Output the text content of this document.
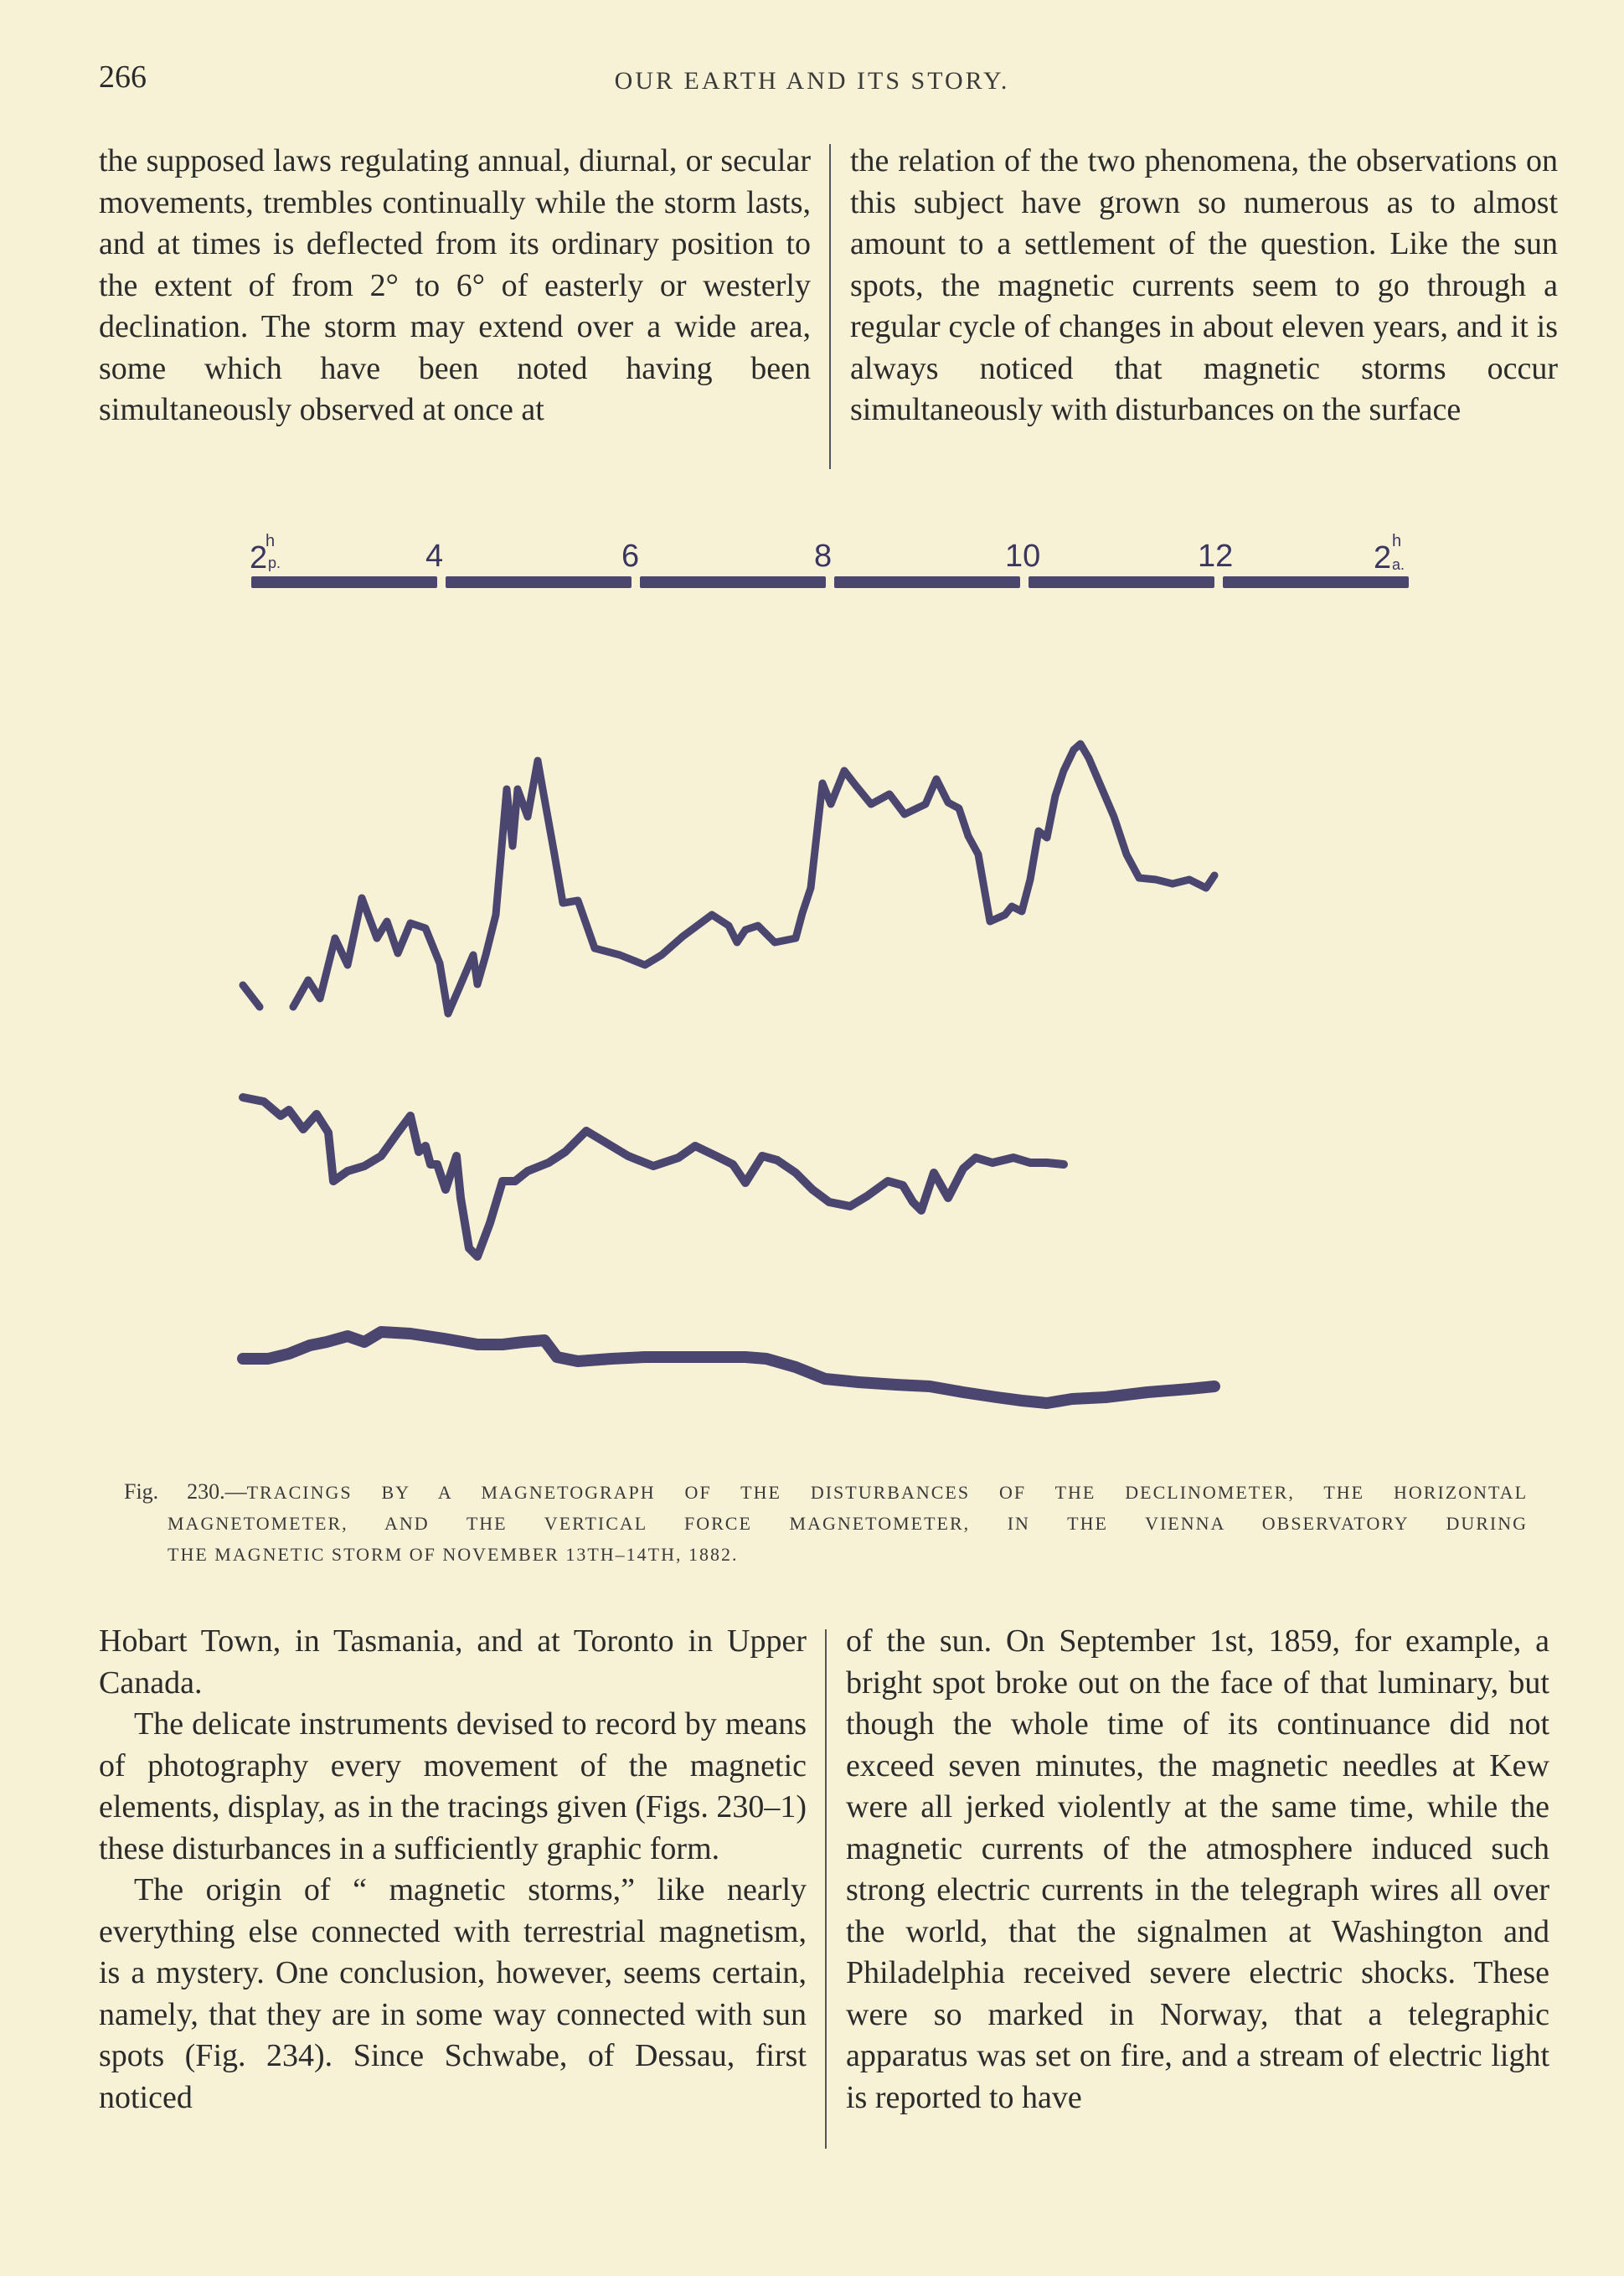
266	OUR EARTH AND ITS STORY.

the supposed laws regulating annual, diurnal, or secular movements, trembles continually while the storm lasts, and at times is deflected from its ordinary position to the extent of from 2° to 6° of easterly or westerly declination. The storm may extend over a wide area, some which have been noted having been simultaneously observed at once at

the relation of the two phenomena, the observations on this subject have grown so numerous as to almost amount to a settlement of the question. Like the sun spots, the magnetic currents seem to go through a regular cycle of changes in about eleven years, and it is always noticed that magnetic storms occur simultaneously with disturbances on the surface

2
h
p.	4	6	8	10	12	2 h
a.
Fig. 230.—TRACINGS BY A MAGNETOGRAPH OF THE DISTURBANCES OF THE DECLINOMETER, THE HORIZONTAL
MAGNETOMETER, AND THE VERTICAL FORCE MAGNETOMETER, IN THE VIENNA OBSERVATORY DURING
THE MAGNETIC STORM OF NOVEMBER 13TH–14TH, 1882.

Hobart Town, in Tasmania, and at Toronto in Upper Canada.

The delicate instruments devised to record by means of photography every movement of the magnetic elements, display, as in the tracings given (Figs. 230–1) these disturbances in a sufficiently graphic form.

The origin of “ magnetic storms,” like nearly everything else connected with terrestrial magnetism, is a mystery. One conclusion, however, seems certain, namely, that they are in some way connected with sun spots (Fig. 234). Since Schwabe, of Dessau, first noticed

of the sun. On September 1st, 1859, for example, a bright spot broke out on the face of that luminary, but though the whole time of its continuance did not exceed seven minutes, the magnetic needles at Kew were all jerked violently at the same time, while the magnetic currents of the atmosphere induced such strong electric currents in the telegraph wires all over the world, that the signalmen at Washington and Philadelphia received severe electric shocks. These were so marked in Norway, that a telegraphic apparatus was set on fire, and a stream of electric light is reported to have
